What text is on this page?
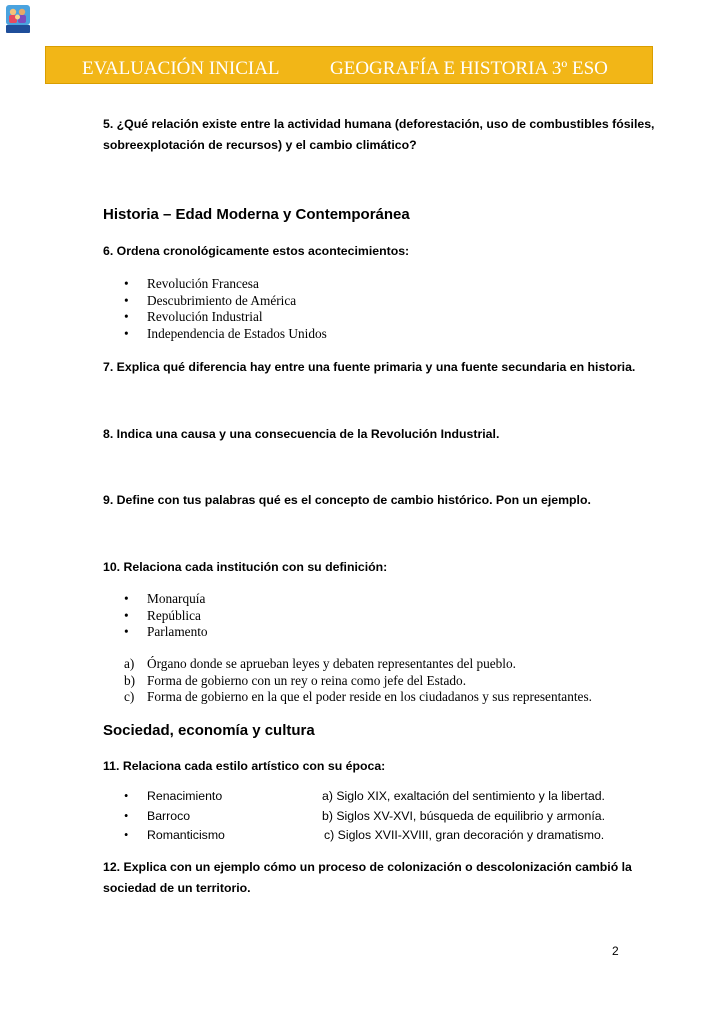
EVALUACIÓN INICIAL	GEOGRAFÍA E HISTORIA 3º ESO
5. ¿Qué relación existe entre la actividad humana (deforestación, uso de combustibles fósiles,
sobreexplotación de recursos) y el cambio climático?
Historia – Edad Moderna y Contemporánea
6. Ordena cronológicamente estos acontecimientos:
• Revolución Francesa
• Descubrimiento de América
• Revolución Industrial
• Independencia de Estados Unidos
7. Explica qué diferencia hay entre una fuente primaria y una fuente secundaria en historia.
8. Indica una causa y una consecuencia de la Revolución Industrial.
9. Define con tus palabras qué es el concepto de cambio histórico. Pon un ejemplo.
10. Relaciona cada institución con su definición:
• Monarquía
• República
• Parlamento
a) Órgano donde se aprueban leyes y debaten representantes del pueblo.
b) Forma de gobierno con un rey o reina como jefe del Estado.
c) Forma de gobierno en la que el poder reside en los ciudadanos y sus representantes.
Sociedad, economía y cultura
11. Relaciona cada estilo artístico con su época:
• Renacimiento	a) Siglo XIX, exaltación del sentimiento y la libertad.
• Barroco	b) Siglos XV-XVI, búsqueda de equilibrio y armonía.
• Romanticismo	c) Siglos XVII-XVIII, gran decoración y dramatismo.
12. Explica con un ejemplo cómo un proceso de colonización o descolonización cambió la
sociedad de un territorio.
2
